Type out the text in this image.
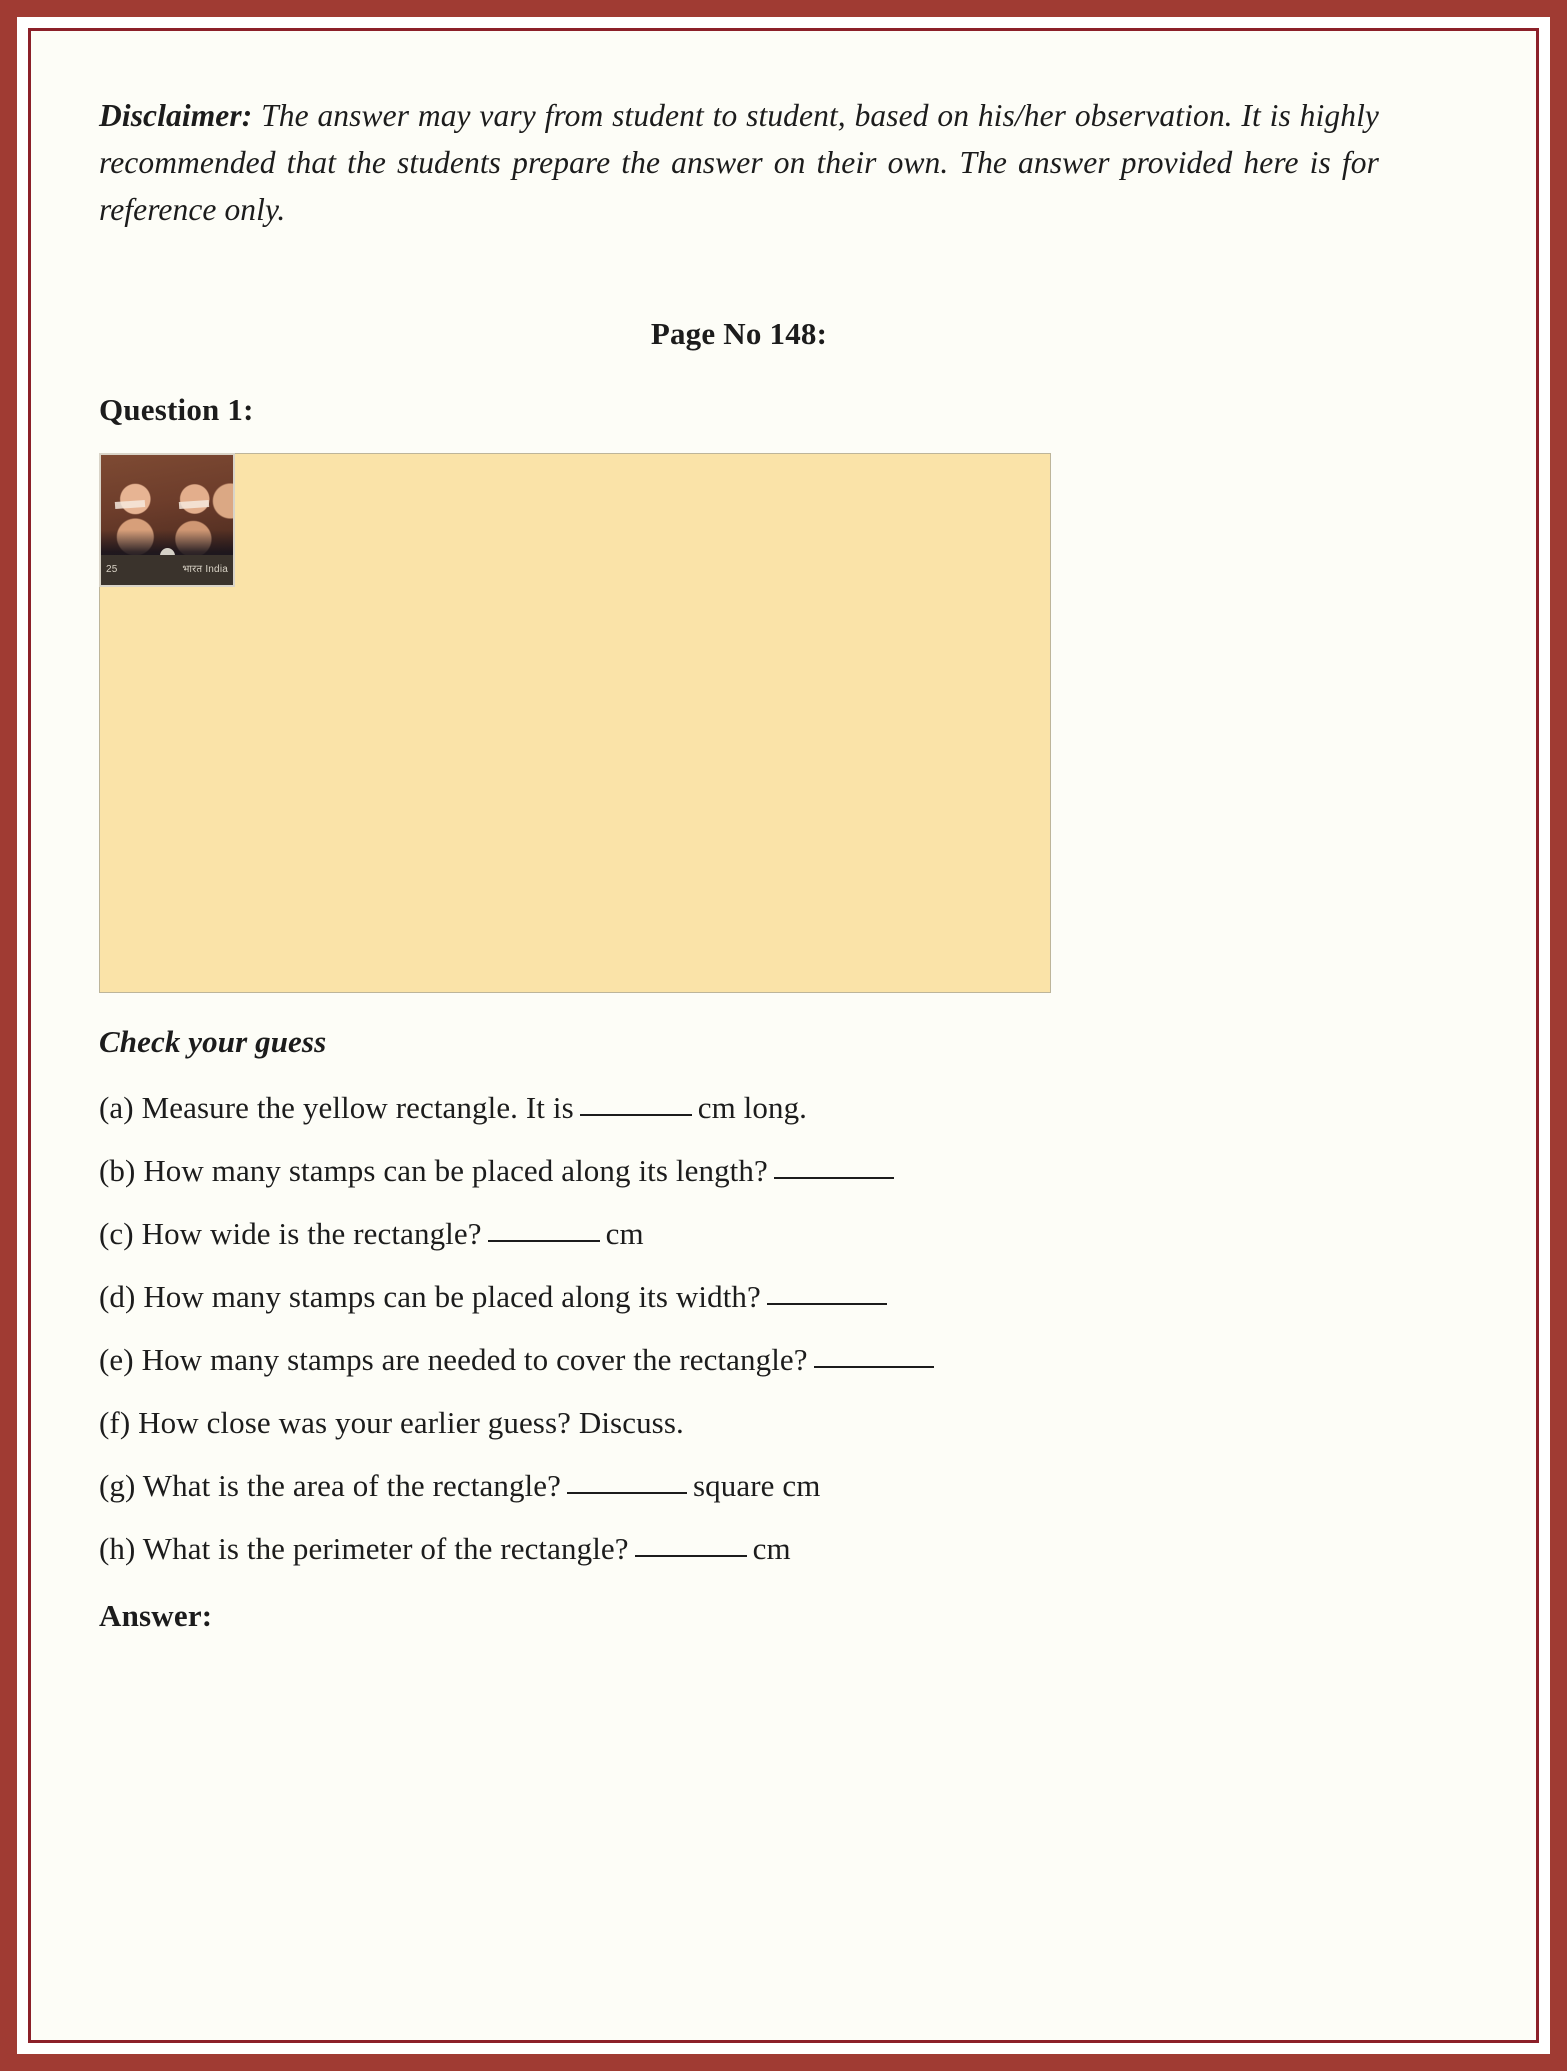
Disclaimer: The answer may vary from student to student, based on his/her observation. It is highly recommended that the students prepare the answer on their own. The answer provided here is for reference only.

Page No 148:

Question 1:

25	भारत India

Check your guess

(a) Measure the yellow rectangle. It is	cm long.
(b) How many stamps can be placed along its length?
(c) How wide is the rectangle?	cm
(d) How many stamps can be placed along its width?
(e) How many stamps are needed to cover the rectangle?
(f) How close was your earlier guess? Discuss.
(g) What is the area of the rectangle?	square cm
(h) What is the perimeter of the rectangle?	cm

Answer:
